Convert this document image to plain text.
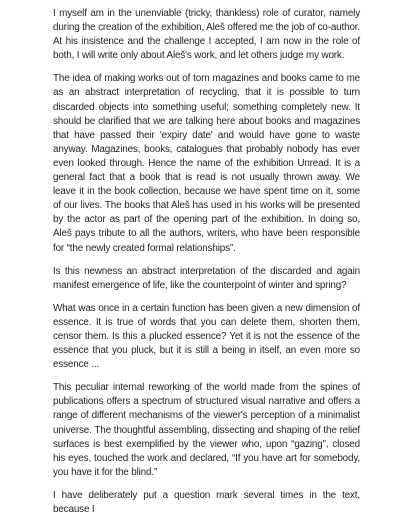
I myself am in the unenviable (tricky, thankless) role of curator, namely during the creation of the exhibition, Aleš offered me the job of co-author. At his insistence and the challenge I accepted, I am now in the role of both, I will write only about Aleš's work, and let others judge my work.

The idea of making works out of torn magazines and books came to me as an abstract interpretation of recycling, that it is possible to turn discarded objects into something useful; something completely new. It should be clarified that we are talking here about books and magazines that have passed their 'expiry date' and would have gone to waste anyway. Magazines, books, catalogues that probably nobody has ever even looked through. Hence the name of the exhibition Unread. It is a general fact that a book that is read is not usually thrown away. We leave it in the book collection, because we have spent time on it, some of our lives. The books that Aleš has used in his works will be presented by the actor as part of the opening part of the exhibition. In doing so, Aleš pays tribute to all the authors, writers, who have been responsible for “the newly created formal relationships”.

Is this newness an abstract interpretation of the discarded and again manifest emergence of life, like the counterpoint of winter and spring?

What was once in a certain function has been given a new dimension of essence. It is true of words that you can delete them, shorten them, censor them. Is this a plucked essence? Yet it is not the essence of the essence that you pluck, but it is still a being in itself, an even more so essence ...

This peculiar internal reworking of the world made from the spines of publications offers a spectrum of structured visual narrative and offers a range of different mechanisms of the viewer's perception of a minimalist universe. The thoughtful assembling, dissecting and shaping of the relief surfaces is best exemplified by the viewer who, upon “gazing”, closed his eyes, touched the work and declared, “If you have art for somebody, you have it for the blind.”

I have deliberately put a question mark several times in the text, because I
